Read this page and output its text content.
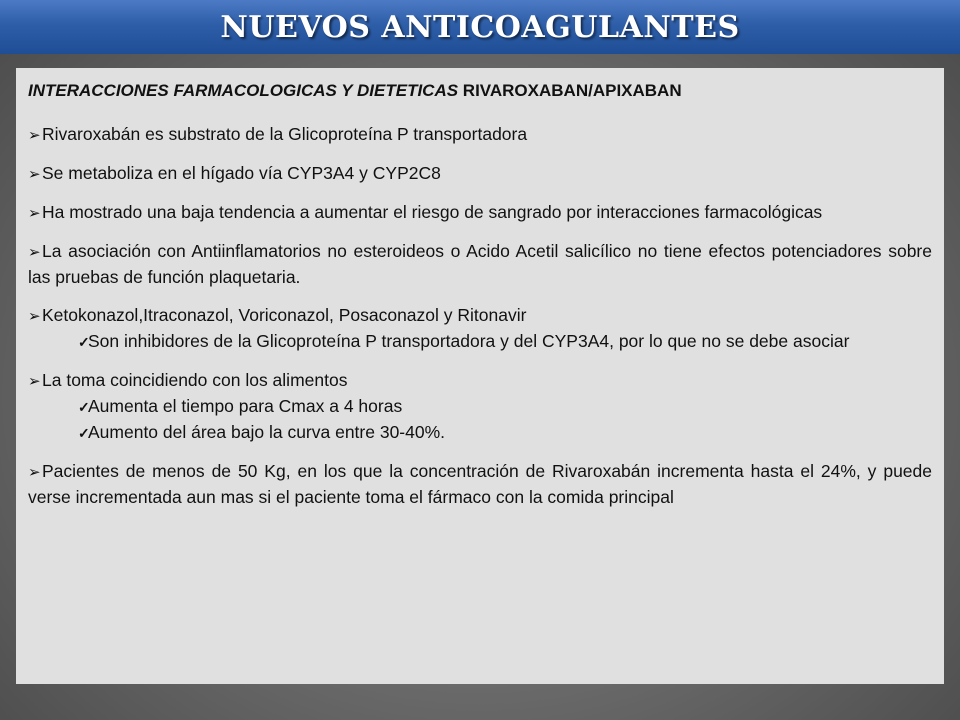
NUEVOS ANTICOAGULANTES
INTERACCIONES FARMACOLOGICAS Y DIETETICAS RIVAROXABAN/APIXABAN
➢Rivaroxabán es substrato de la Glicoproteína P transportadora
➢Se metaboliza en el hígado vía CYP3A4 y CYP2C8
➢Ha mostrado una baja tendencia a aumentar el riesgo de sangrado por interacciones farmacológicas
➢La asociación con Antiinflamatorios no esteroideos o Acido Acetil salicílico no tiene efectos potenciadores sobre las pruebas de función plaquetaria.
➢Ketokonazol,Itraconazol, Voriconazol, Posaconazol y Ritonavir
✓Son inhibidores de la Glicoproteína P transportadora y del CYP3A4, por lo que no se debe asociar
➢La toma coincidiendo con los alimentos
✓Aumenta el tiempo para Cmax a 4 horas
✓Aumento del área bajo la curva entre 30-40%.
➢Pacientes de menos de 50 Kg, en los que la concentración de Rivaroxabán incrementa hasta el 24%, y puede verse incrementada aun mas si el paciente toma el fármaco con la comida principal
